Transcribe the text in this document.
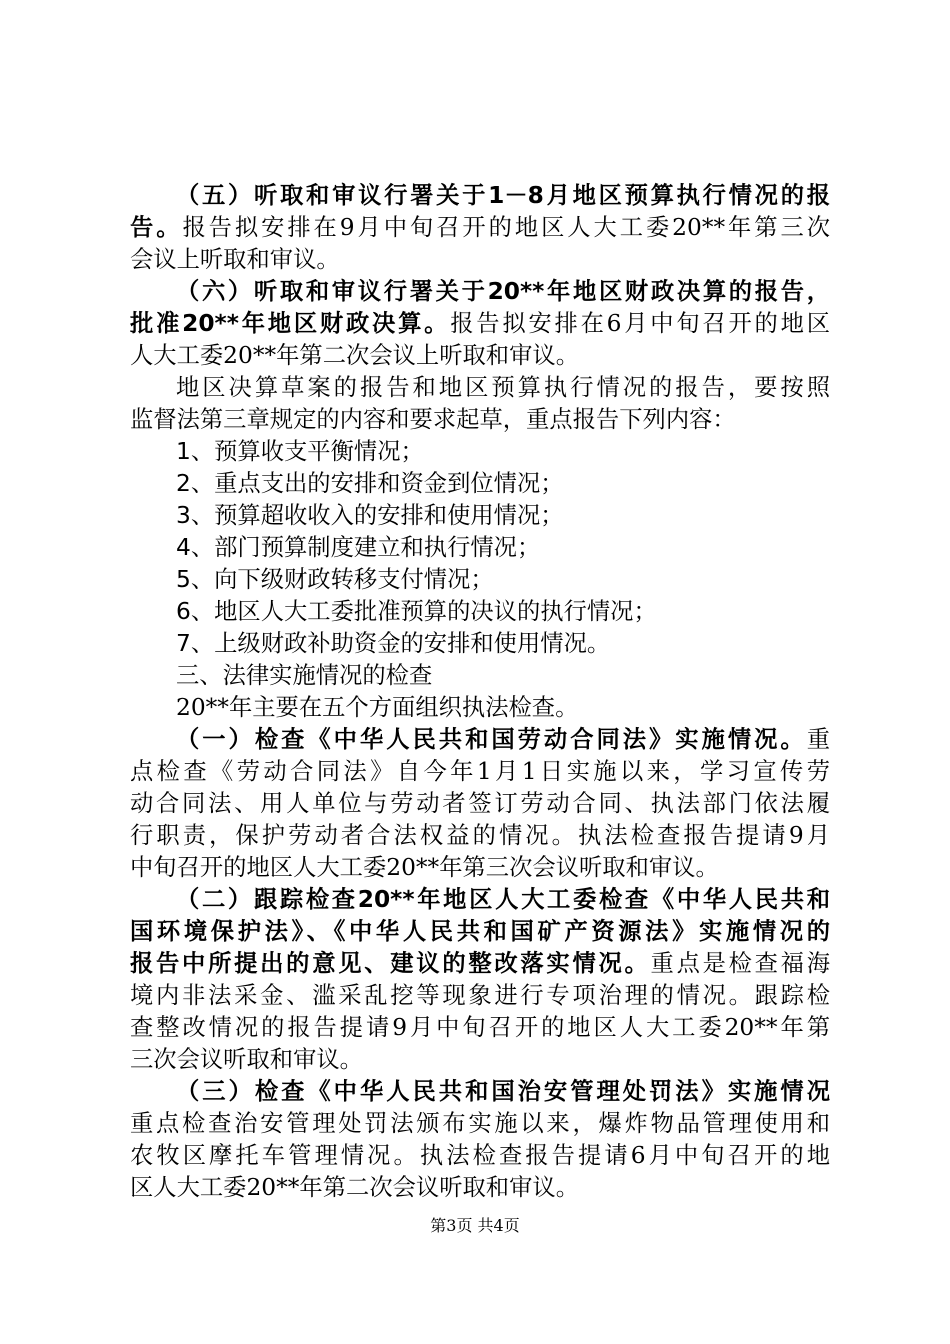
（五）听取和审议行署关于1－8月地区预算执行情况的报
告。报告拟安排在9月中旬召开的地区人大工委20**年第三次
会议上听取和审议。
（六）听取和审议行署关于20**年地区财政决算的报告，
批准20**年地区财政决算。报告拟安排在6月中旬召开的地区
人大工委20**年第二次会议上听取和审议。
地区决算草案的报告和地区预算执行情况的报告，要按照
监督法第三章规定的内容和要求起草，重点报告下列内容：
1、预算收支平衡情况；
2、重点支出的安排和资金到位情况；
3、预算超收收入的安排和使用情况；
4、部门预算制度建立和执行情况；
5、向下级财政转移支付情况；
6、地区人大工委批准预算的决议的执行情况；
7、上级财政补助资金的安排和使用情况。
三、法律实施情况的检查
20**年主要在五个方面组织执法检查。
（一）检查《中华人民共和国劳动合同法》实施情况。重
点检查《劳动合同法》自今年1月1日实施以来，学习宣传劳
动合同法、用人单位与劳动者签订劳动合同、执法部门依法履
行职责，保护劳动者合法权益的情况。执法检查报告提请9月
中旬召开的地区人大工委20**年第三次会议听取和审议。
（二）跟踪检查20**年地区人大工委检查《中华人民共和
国环境保护法》、《中华人民共和国矿产资源法》实施情况的
报告中所提出的意见、建议的整改落实情况。重点是检查福海
境内非法采金、滥采乱挖等现象进行专项治理的情况。跟踪检
查整改情况的报告提请9月中旬召开的地区人大工委20**年第
三次会议听取和审议。
（三）检查《中华人民共和国治安管理处罚法》实施情况
重点检查治安管理处罚法颁布实施以来，爆炸物品管理使用和
农牧区摩托车管理情况。执法检查报告提请6月中旬召开的地
区人大工委20**年第二次会议听取和审议。
第3页 共4页
